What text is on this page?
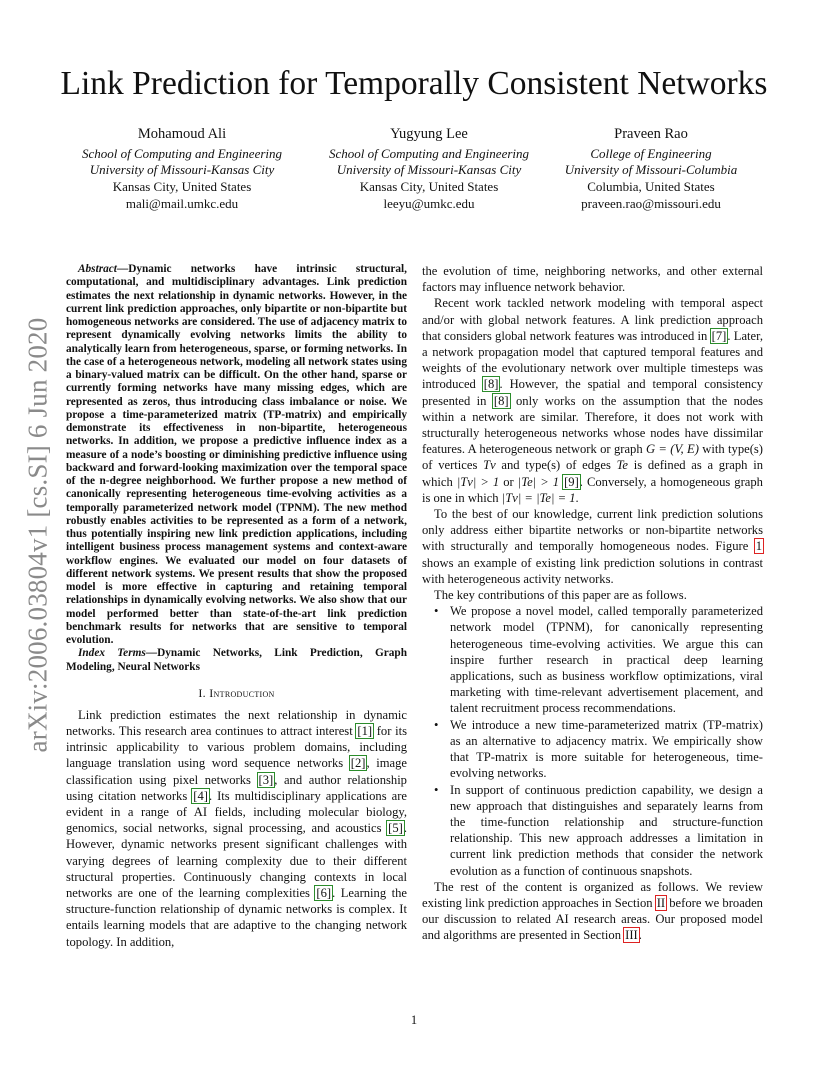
arXiv:2006.03804v1 [cs.SI] 6 Jun 2020
Link Prediction for Temporally Consistent Networks
Mohamoud Ali
School of Computing and Engineering
University of Missouri-Kansas City
Kansas City, United States
mali@mail.umkc.edu
Yugyung Lee
School of Computing and Engineering
University of Missouri-Kansas City
Kansas City, United States
leeyu@umkc.edu
Praveen Rao
College of Engineering
University of Missouri-Columbia
Columbia, United States
praveen.rao@missouri.edu

Abstract—Dynamic networks have intrinsic structural, computational, and multidisciplinary advantages. Link prediction estimates the next relationship in dynamic networks. However, in the current link prediction approaches, only bipartite or non-bipartite but homogeneous networks are considered. The use of adjacency matrix to represent dynamically evolving networks limits the ability to analytically learn from heterogeneous, sparse, or forming networks. In the case of a heterogeneous network, modeling all network states using a binary-valued matrix can be difficult. On the other hand, sparse or currently forming networks have many missing edges, which are represented as zeros, thus introducing class imbalance or noise. We propose a time-parameterized matrix (TP-matrix) and empirically demonstrate its effectiveness in non-bipartite, heterogeneous networks. In addition, we propose a predictive influence index as a measure of a node’s boosting or diminishing predictive influence using backward and forward-looking maximization over the temporal space of the n-degree neighborhood. We further propose a new method of canonically representing heterogeneous time-evolving activities as a temporally parameterized network model (TPNM). The new method robustly enables activities to be represented as a form of a network, thus potentially inspiring new link prediction applications, including intelligent business process management systems and context-aware workflow engines. We evaluated our model on four datasets of different network systems. We present results that show the proposed model is more effective in capturing and retaining temporal relationships in dynamically evolving networks. We also show that our model performed better than state-of-the-art link prediction benchmark results for networks that are sensitive to temporal evolution.

Index Terms—Dynamic Networks, Link Prediction, Graph Modeling, Neural Networks

I. Introduction

Link prediction estimates the next relationship in dynamic networks. This research area continues to attract interest [1] for its intrinsic applicability to various problem domains, including language translation using word sequence networks [2], image classification using pixel networks [3], and author relationship using citation networks [4]. Its multidisciplinary applications are evident in a range of AI fields, including molecular biology, genomics, social networks, signal processing, and acoustics [5]. However, dynamic networks present significant challenges with varying degrees of learning complexity due to their different structural properties. Continuously changing contexts in local networks are one of the learning complexities [6]. Learning the structure-function relationship of dynamic networks is complex. It entails learning models that are adaptive to the changing network topology. In addition,

the evolution of time, neighboring networks, and other external factors may influence network behavior.

Recent work tackled network modeling with temporal aspect and/or with global network features. A link prediction approach that considers global network features was introduced in [7]. Later, a network propagation model that captured temporal features and weights of the evolutionary network over multiple timesteps was introduced [8]. However, the spatial and temporal consistency presented in [8] only works on the assumption that the nodes within a network are similar. Therefore, it does not work with structurally heterogeneous networks whose nodes have dissimilar features. A heterogeneous network or graph G = (V, E) with type(s) of vertices Tv and type(s) of edges Te is defined as a graph in which |Tv| > 1 or |Te| > 1 [9]. Conversely, a homogeneous graph is one in which |Tv| = |Te| = 1.

To the best of our knowledge, current link prediction solutions only address either bipartite networks or non-bipartite networks with structurally and temporally homogeneous nodes. Figure 1 shows an example of existing link prediction solutions in contrast with heterogeneous activity networks.

The key contributions of this paper are as follows.

• We propose a novel model, called temporally parameterized network model (TPNM), for canonically representing heterogeneous time-evolving activities. We argue this can inspire further research in practical deep learning applications, such as business workflow optimizations, viral marketing with time-relevant advertisement placement, and talent recruitment process recommendations.
• We introduce a new time-parameterized matrix (TP-matrix) as an alternative to adjacency matrix. We empirically show that TP-matrix is more suitable for heterogeneous, time-evolving networks.
• In support of continuous prediction capability, we design a new approach that distinguishes and separately learns from the time-function relationship and structure-function relationship. This new approach addresses a limitation in current link prediction methods that consider the network evolution as a function of continuous snapshots.

The rest of the content is organized as follows. We review existing link prediction approaches in Section II before we broaden our discussion to related AI research areas. Our proposed model and algorithms are presented in Section III.

1
